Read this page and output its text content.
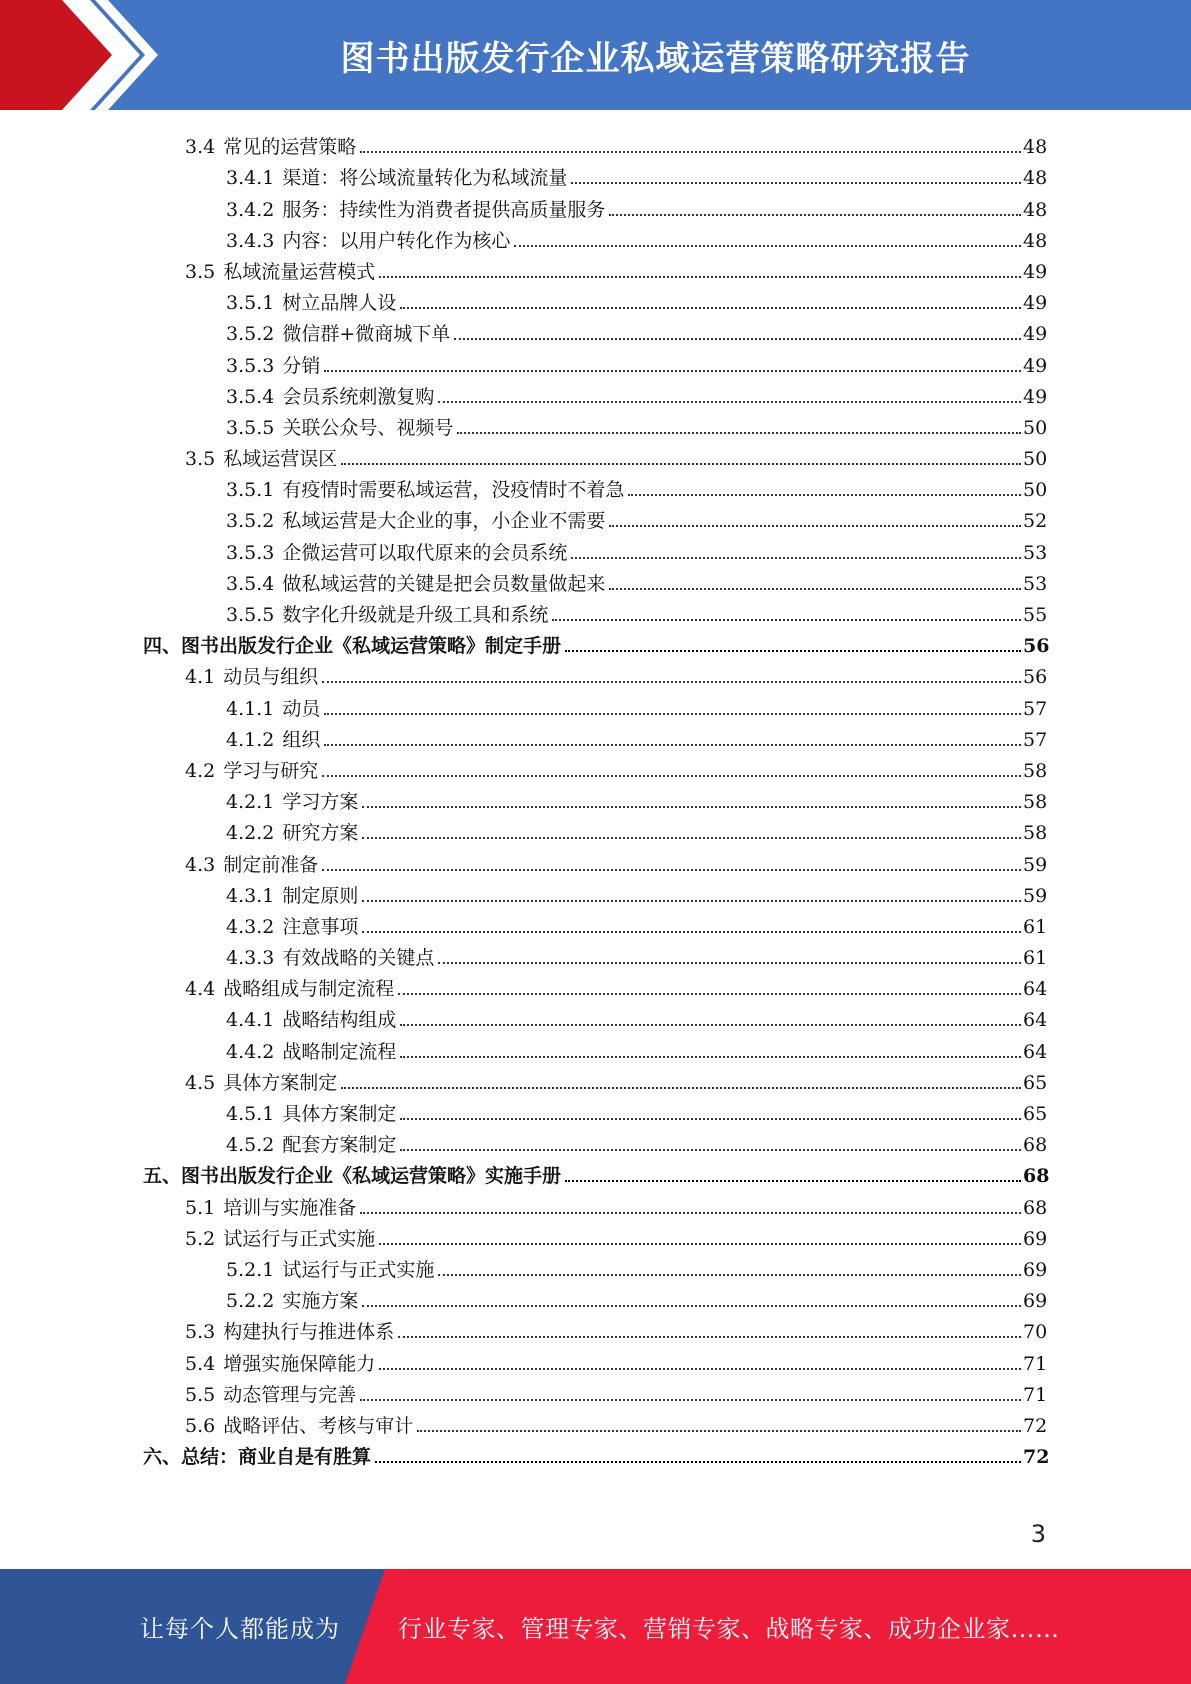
图书出版发行企业私域运营策略研究报告
3.4 常见的运营策略	48
3.4.1 渠道：将公域流量转化为私域流量	48
3.4.2 服务：持续性为消费者提供高质量服务	48
3.4.3 内容：以用户转化作为核心	48
3.5 私域流量运营模式	49
3.5.1 树立品牌人设	49
3.5.2 微信群+微商城下单	49
3.5.3 分销	49
3.5.4 会员系统刺激复购	49
3.5.5 关联公众号、视频号	50
3.5 私域运营误区	50
3.5.1 有疫情时需要私域运营，没疫情时不着急	50
3.5.2 私域运营是大企业的事，小企业不需要	52
3.5.3 企微运营可以取代原来的会员系统	53
3.5.4 做私域运营的关键是把会员数量做起来	53
3.5.5 数字化升级就是升级工具和系统	55
四、图书出版发行企业《私域运营策略》制定手册	56
4.1 动员与组织	56
4.1.1 动员	57
4.1.2 组织	57
4.2 学习与研究	58
4.2.1 学习方案	58
4.2.2 研究方案	58
4.3 制定前准备	59
4.3.1 制定原则	59
4.3.2 注意事项	61
4.3.3 有效战略的关键点	61
4.4 战略组成与制定流程	64
4.4.1 战略结构组成	64
4.4.2 战略制定流程	64
4.5 具体方案制定	65
4.5.1 具体方案制定	65
4.5.2 配套方案制定	68
五、图书出版发行企业《私域运营策略》实施手册	68
5.1 培训与实施准备	68
5.2 试运行与正式实施	69
5.2.1 试运行与正式实施	69
5.2.2 实施方案	69
5.3 构建执行与推进体系	70
5.4 增强实施保障能力	71
5.5 动态管理与完善	71
5.6 战略评估、考核与审计	72
六、总结：商业自是有胜算	72
3
让每个人都能成为 行业专家、管理专家、营销专家、战略专家、成功企业家……
